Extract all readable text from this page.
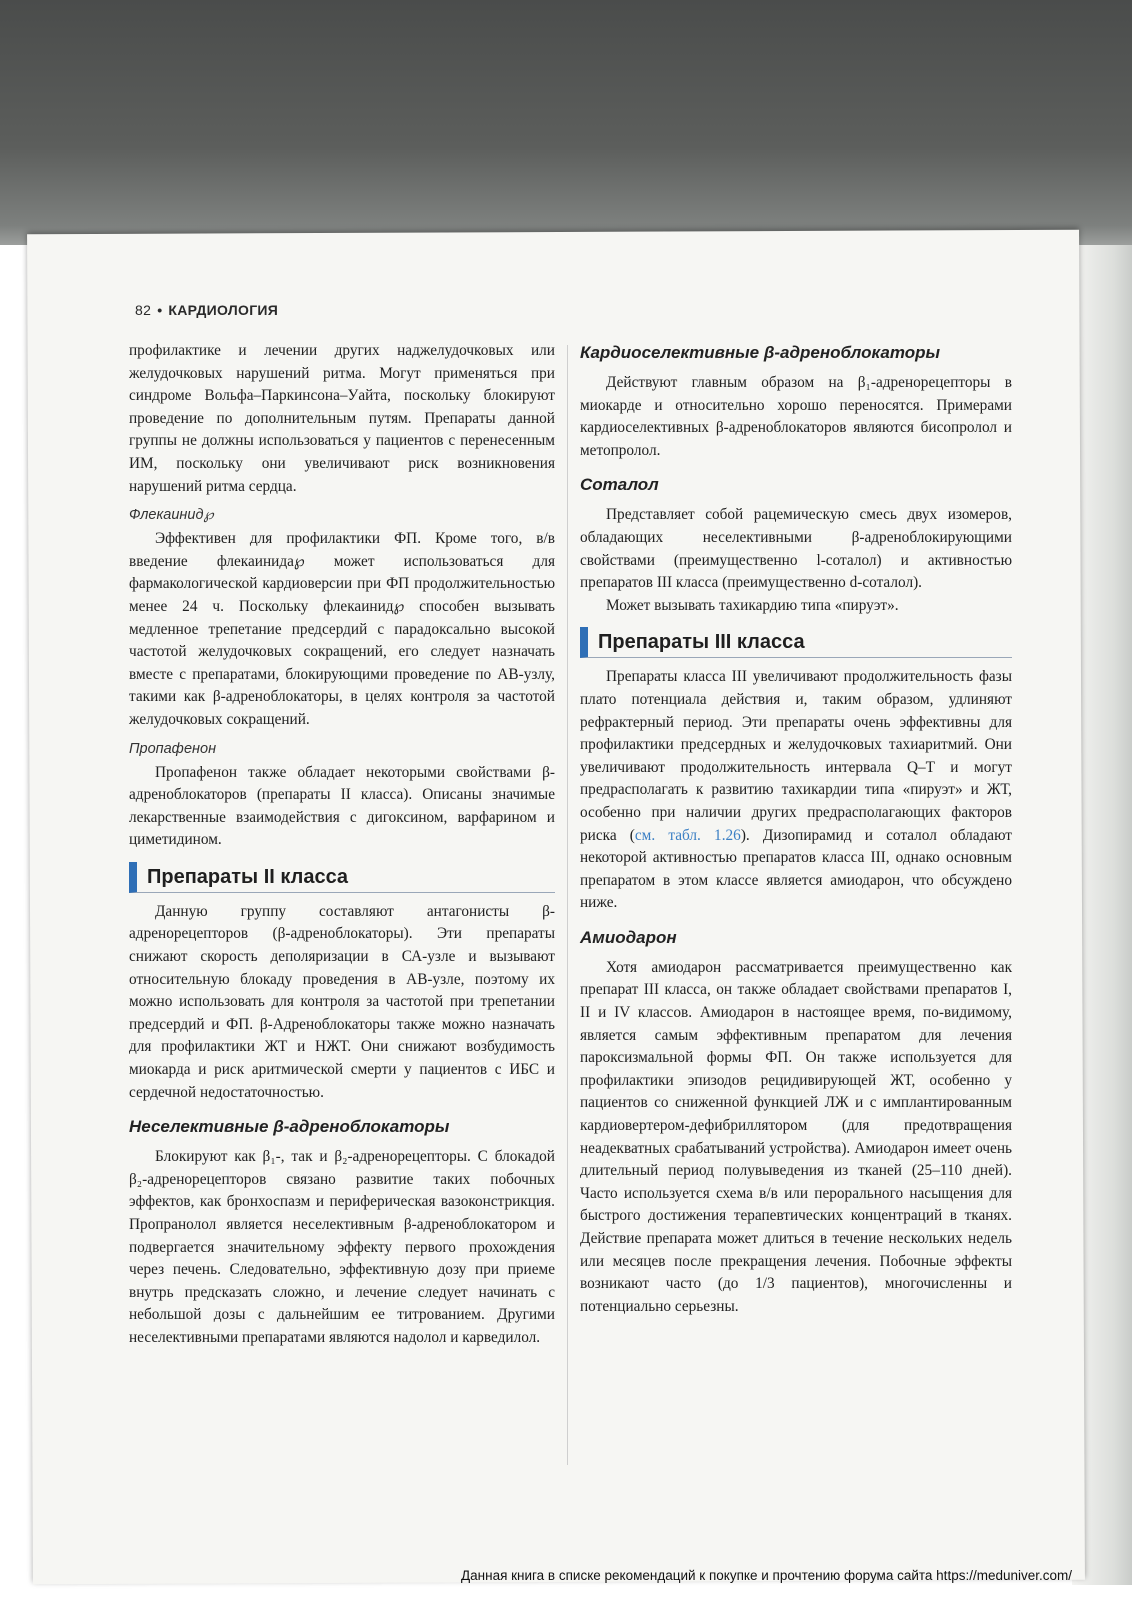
82 • КАРДИОЛОГИЯ

профилактике и лечении других наджелудочковых или желудочковых нарушений ритма. Могут применяться при синдроме Вольфа–Паркинсона–Уайта, поскольку блокируют проведение по дополнительным путям. Препараты данной группы не должны использоваться у пациентов с перенесенным ИМ, поскольку они увеличивают риск возникновения нарушений ритма сердца.

Флекаинид℘

Эффективен для профилактики ФП. Кроме того, в/в введение флекаинида℘ может использоваться для фармакологической кардиоверсии при ФП продолжительностью менее 24 ч. Поскольку флекаинид℘ способен вызывать медленное трепетание предсердий с парадоксально высокой частотой желудочковых сокращений, его следует назначать вместе с препаратами, блокирующими проведение по АВ-узлу, такими как β-адреноблокаторы, в целях контроля за частотой желудочковых сокращений.

Пропафенон

Пропафенон также обладает некоторыми свойствами β-адреноблокаторов (препараты II класса). Описаны значимые лекарственные взаимодействия с дигоксином, варфарином и циметидином.

Препараты II класса

Данную группу составляют антагонисты β-адренорецепторов (β-адреноблокаторы). Эти препараты снижают скорость деполяризации в СА-узле и вызывают относительную блокаду проведения в АВ-узле, поэтому их можно использовать для контроля за частотой при трепетании предсердий и ФП. β-Адреноблокаторы также можно назначать для профилактики ЖТ и НЖТ. Они снижают возбудимость миокарда и риск аритмической смерти у пациентов с ИБС и сердечной недостаточностью.

Неселективные β-адреноблокаторы

Блокируют как β₁-, так и β₂-адренорецепторы. С блокадой β₂-адренорецепторов связано развитие таких побочных эффектов, как бронхоспазм и периферическая вазоконстрикция. Пропранолол является неселективным β-адреноблокатором и подвергается значительному эффекту первого прохождения через печень. Следовательно, эффективную дозу при приеме внутрь предсказать сложно, и лечение следует начинать с небольшой дозы с дальнейшим ее титрованием. Другими неселективными препаратами являются надолол и карведилол.

Кардиоселективные β-адреноблокаторы

Действуют главным образом на β₁-адренорецепторы в миокарде и относительно хорошо переносятся. Примерами кардиоселективных β-адреноблокаторов являются бисопролол и метопролол.

Соталол

Представляет собой рацемическую смесь двух изомеров, обладающих неселективными β-адреноблокирующими свойствами (преимущественно l-соталол) и активностью препаратов III класса (преимущественно d-соталол).

Может вызывать тахикардию типа «пируэт».

Препараты III класса

Препараты класса III увеличивают продолжительность фазы плато потенциала действия и, таким образом, удлиняют рефрактерный период. Эти препараты очень эффективны для профилактики предсердных и желудочковых тахиаритмий. Они увеличивают продолжительность интервала Q–T и могут предрасполагать к развитию тахикардии типа «пируэт» и ЖТ, особенно при наличии других предрасполагающих факторов риска (см. табл. 1.26). Дизопирамид и соталол обладают некоторой активностью препаратов класса III, однако основным препаратом в этом классе является амиодарон, что обсуждено ниже.

Амиодарон

Хотя амиодарон рассматривается преимущественно как препарат III класса, он также обладает свойствами препаратов I, II и IV классов. Амиодарон в настоящее время, по-видимому, является самым эффективным препаратом для лечения пароксизмальной формы ФП. Он также используется для профилактики эпизодов рецидивирующей ЖТ, особенно у пациентов со сниженной функцией ЛЖ и с имплантированным кардиовертером-дефибриллятором (для предотвращения неадекватных срабатываний устройства). Амиодарон имеет очень длительный период полувыведения из тканей (25–110 дней). Часто используется схема в/в или перорального насыщения для быстрого достижения терапевтических концентраций в тканях. Действие препарата может длиться в течение нескольких недель или месяцев после прекращения лечения. Побочные эффекты возникают часто (до 1/3 пациентов), многочисленны и потенциально серьезны.

Данная книга в списке рекомендаций к покупке и прочтению форума сайта https://meduniver.com/
